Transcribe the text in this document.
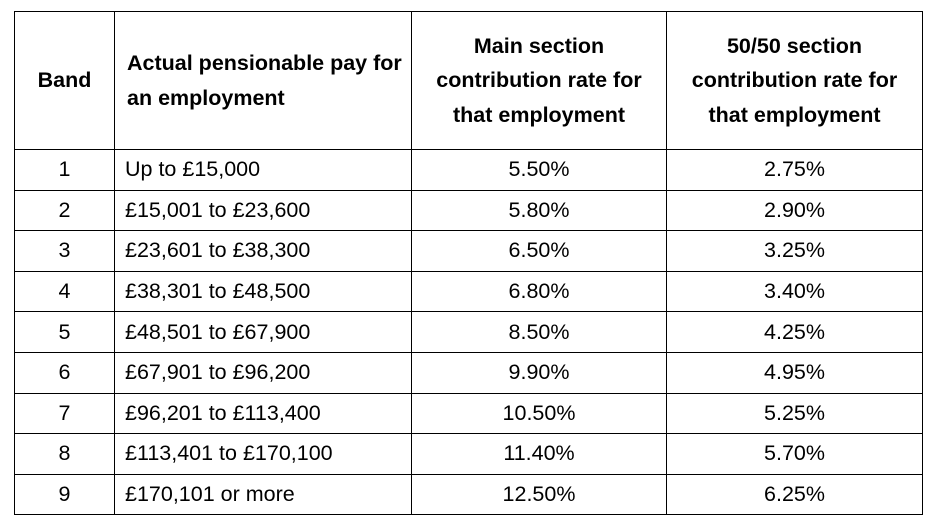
Band	Actual pensionable pay for an employment	Main section contribution rate for that employment	50/50 section contribution rate for that employment
1	Up to £15,000	5.50%	2.75%
2	£15,001 to £23,600	5.80%	2.90%
3	£23,601 to £38,300	6.50%	3.25%
4	£38,301 to £48,500	6.80%	3.40%
5	£48,501 to £67,900	8.50%	4.25%
6	£67,901 to £96,200	9.90%	4.95%
7	£96,201 to £113,400	10.50%	5.25%
8	£113,401 to £170,100	11.40%	5.70%
9	£170,101 or more	12.50%	6.25%
